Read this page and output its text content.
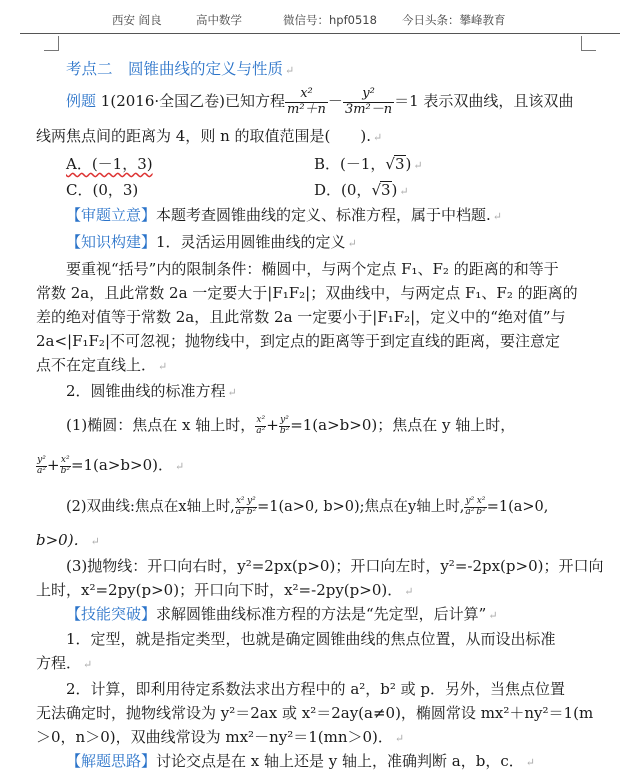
西安 阎良	高中数学	微信号：hpf0518 今日头条：攀峰教育
考点二　圆锥曲线的定义与性质 ↵
例题 1(2016·全国乙卷)已知方程 $\frac{\text{x²}}{\text{m²＋n}} - \frac{\text{y²}}{\text{3m²－n}} =1$ 表示双曲线，且该双曲
线两焦点间的距离为 4，则 n 的取值范围是(　　). ↵
A．(－1，3)	B．(－1，√3) ↵
C．(0，3)	D．(0，√3) ↵
【审题立意】本题考查圆锥曲线的定义、标准方程，属于中档题. ↵
【知识构建】1．灵活运用圆锥曲线的定义 ↵
要重视“括号”内的限制条件：椭圆中，与两个定点 F₁、F₂ 的距离的和等于
常数 2a，且此常数 2a 一定要大于|F₁F₂|；双曲线中，与两定点 F₁、F₂ 的距离的
差的绝对值等于常数 2a，且此常数 2a 一定要小于|F₁F₂|，定义中的“绝对值”与
2a<|F₁F₂|不可忽视；抛物线中，到定点的距离等于到定直线的距离，要注意定
点不在定直线上． ↵
2．圆锥曲线的标准方程 ↵
(1)椭圆：焦点在 x 轴上时， $\frac{\text{x²}}{\text{a²}} + \frac{\text{y²}}{\text{b²}} =1(a>b>0)$；焦点在 y 轴上时，
$\frac{\text{y²}}{\text{a²}} + \frac{\text{x²}}{\text{b²}} =1(a>b>0)$． ↵
(2)双曲线:焦点在x轴上时, $\frac{\text{x²}}{\text{a²}} \frac{\text{y²}}{\text{b²}} =1(a>0$, b>0);焦点在y轴上时, $\frac{\text{y²}}{\text{a²}} \frac{\text{x²}}{\text{b²}} =1(a>0$,
b>0)． ↵
(3)抛物线：开口向右时，y²=2px(p>0)；开口向左时，y²=-2px(p>0)；开口向
上时，x²=2py(p>0)；开口向下时，x²=-2py(p>0)． ↵
【技能突破】求解圆锥曲线标准方程的方法是“先定型，后计算” ↵
1．定型，就是指定类型，也就是确定圆锥曲线的焦点位置，从而设出标准
方程． ↵
2．计算，即利用待定系数法求出方程中的 a²，b² 或 p．另外，当焦点位置
无法确定时，抛物线常设为 y²＝2ax 或 x²＝2ay(a≠0)，椭圆常设 mx²＋ny²＝1(m
＞0，n＞0)，双曲线常设为 mx²－ny²＝1(mn＞0)． ↵
【解题思路】讨论交点是在 x 轴上还是 y 轴上，准确判断 a，b，c． ↵
